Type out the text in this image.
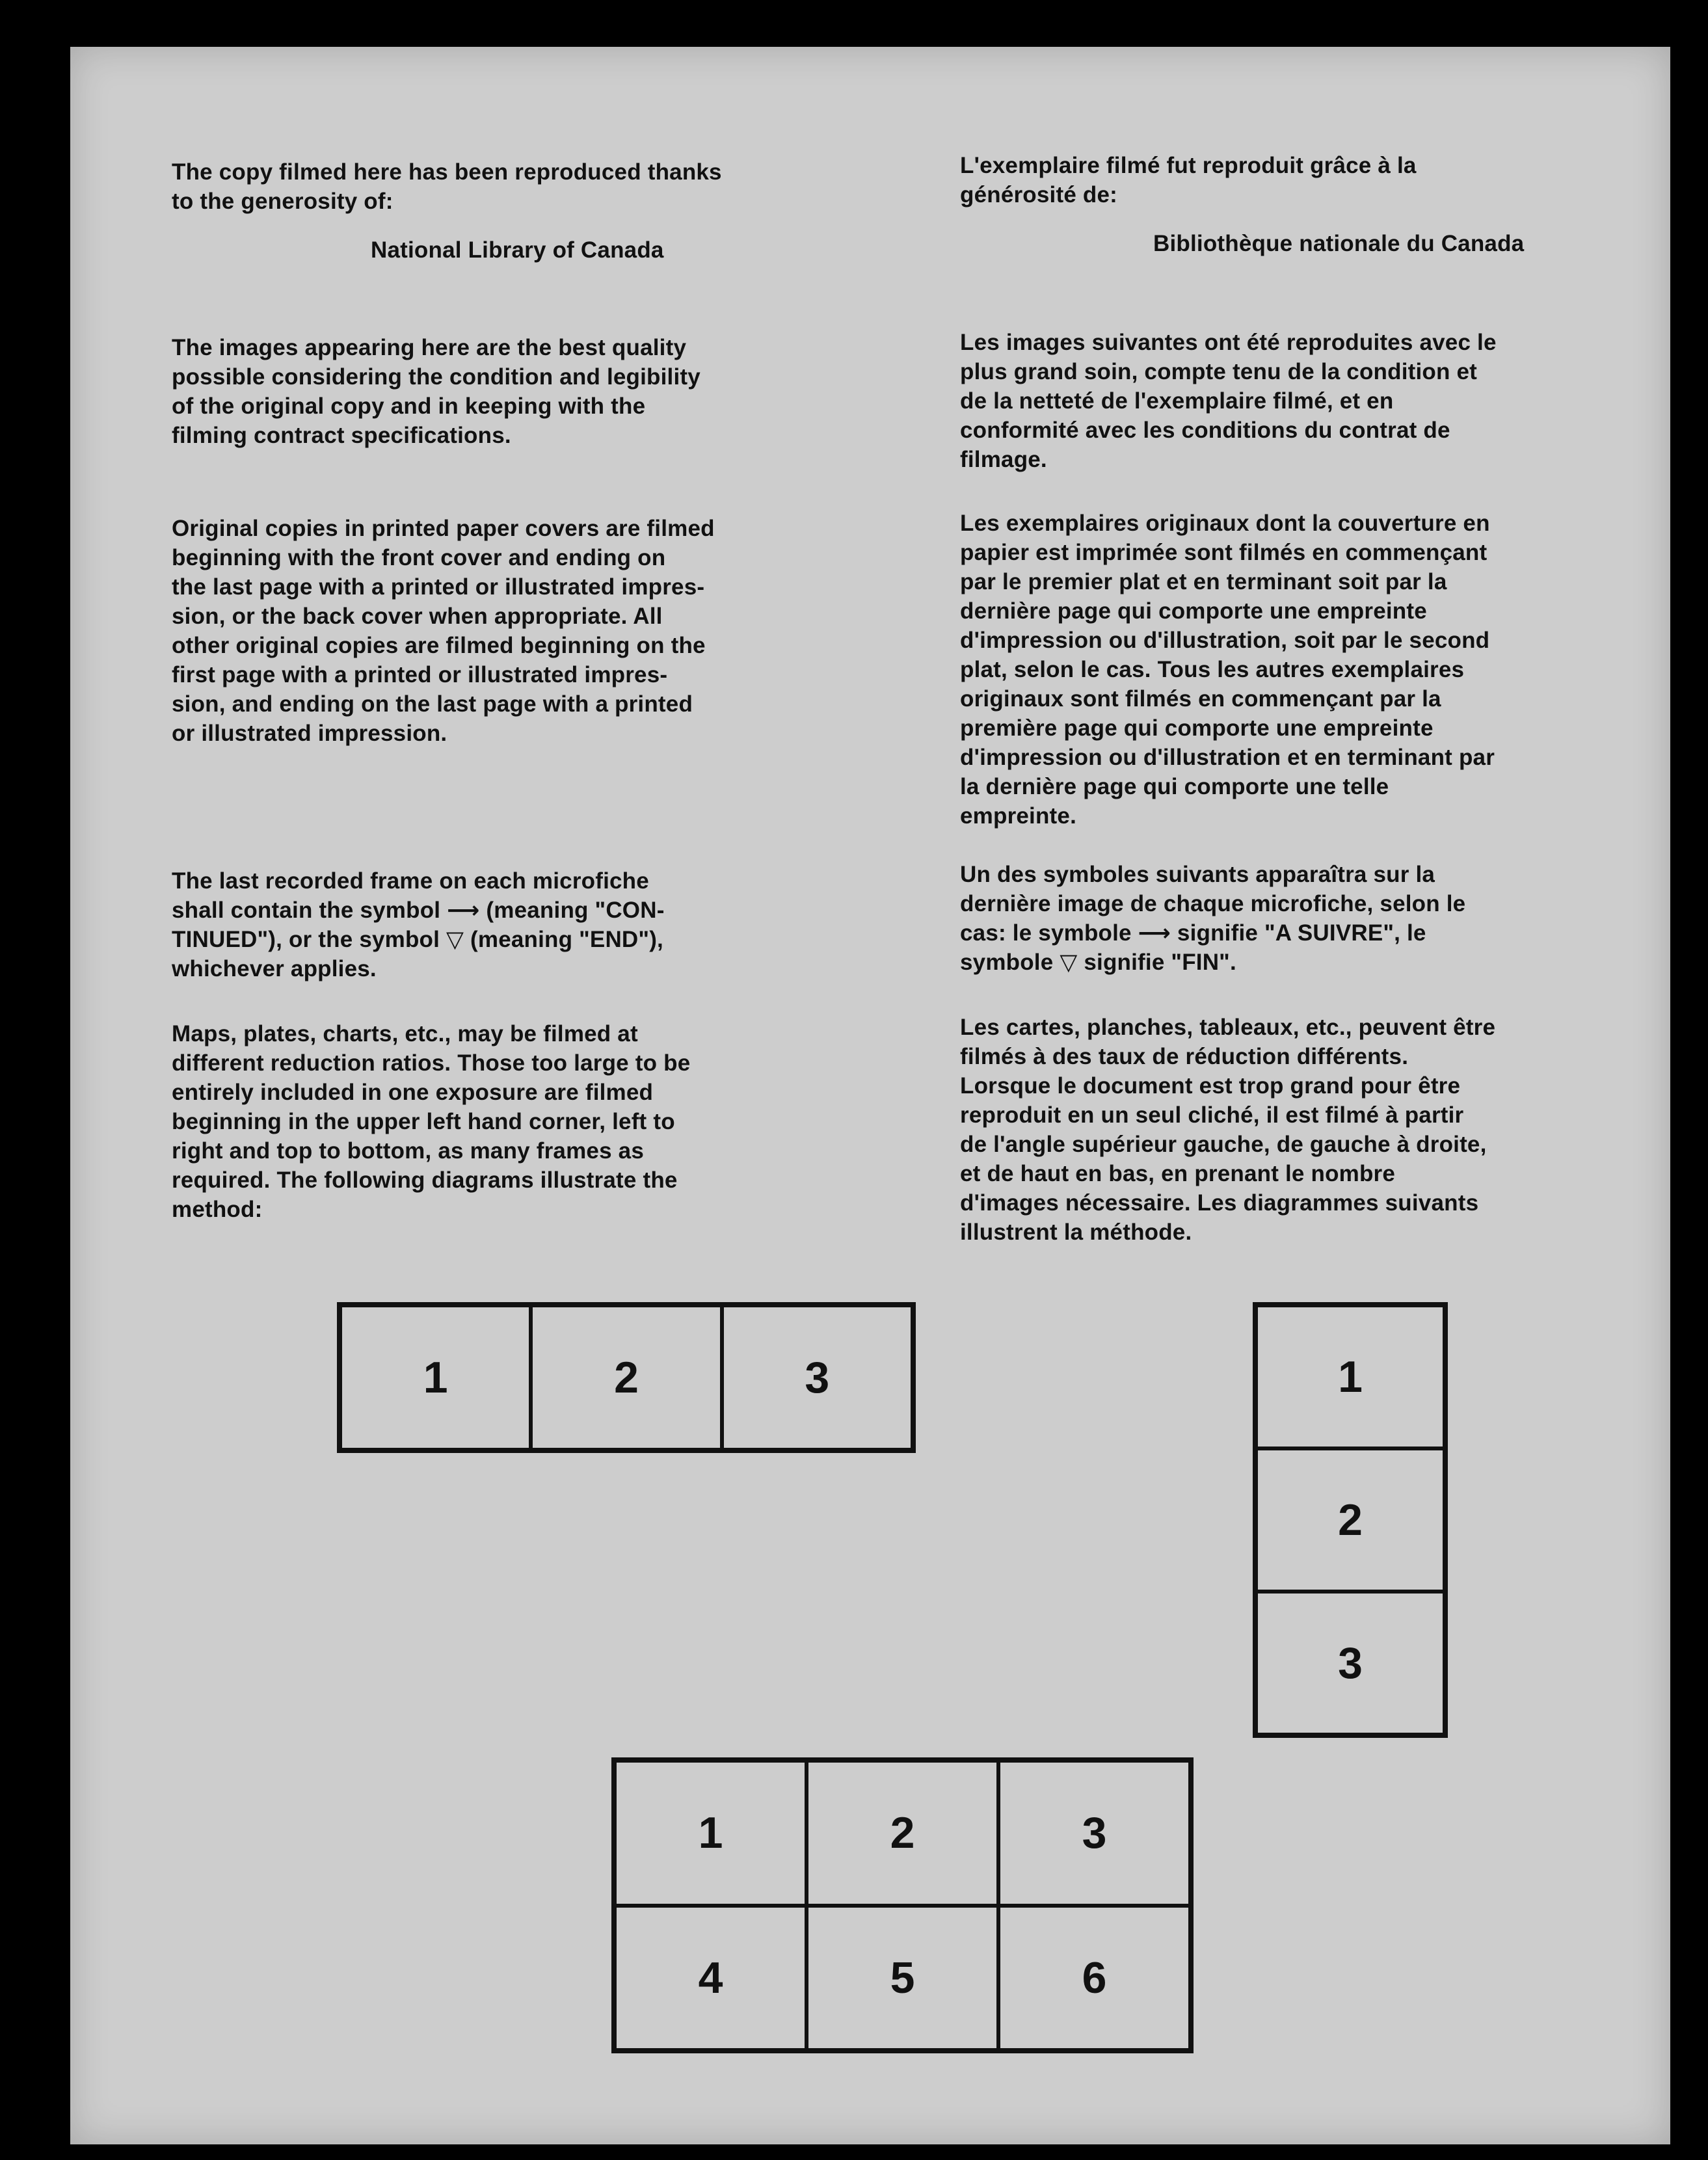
The copy filmed here has been reproduced thanks
to the generosity of:

National Library of Canada

The images appearing here are the best quality
possible considering the condition and legibility
of the original copy and in keeping with the
filming contract specifications.

Original copies in printed paper covers are filmed
beginning with the front cover and ending on
the last page with a printed or illustrated impres-
sion, or the back cover when appropriate. All
other original copies are filmed beginning on the
first page with a printed or illustrated impres-
sion, and ending on the last page with a printed
or illustrated impression.

The last recorded frame on each microfiche
shall contain the symbol ⟶ (meaning "CON-
TINUED"), or the symbol ▽ (meaning "END"),
whichever applies.

Maps, plates, charts, etc., may be filmed at
different reduction ratios. Those too large to be
entirely included in one exposure are filmed
beginning in the upper left hand corner, left to
right and top to bottom, as many frames as
required. The following diagrams illustrate the
method:

L'exemplaire filmé fut reproduit grâce à la
générosité de:

Bibliothèque nationale du Canada

Les images suivantes ont été reproduites avec le
plus grand soin, compte tenu de la condition et
de la netteté de l'exemplaire filmé, et en
conformité avec les conditions du contrat de
filmage.

Les exemplaires originaux dont la couverture en
papier est imprimée sont filmés en commençant
par le premier plat et en terminant soit par la
dernière page qui comporte une empreinte
d'impression ou d'illustration, soit par le second
plat, selon le cas. Tous les autres exemplaires
originaux sont filmés en commençant par la
première page qui comporte une empreinte
d'impression ou d'illustration et en terminant par
la dernière page qui comporte une telle
empreinte.

Un des symboles suivants apparaîtra sur la
dernière image de chaque microfiche, selon le
cas: le symbole ⟶ signifie "A SUIVRE", le
symbole ▽ signifie "FIN".

Les cartes, planches, tableaux, etc., peuvent être
filmés à des taux de réduction différents.
Lorsque le document est trop grand pour être
reproduit en un seul cliché, il est filmé à partir
de l'angle supérieur gauche, de gauche à droite,
et de haut en bas, en prenant le nombre
d'images nécessaire. Les diagrammes suivants
illustrent la méthode.

1	2	3	1
2
3
1	2	3
4	5	6
